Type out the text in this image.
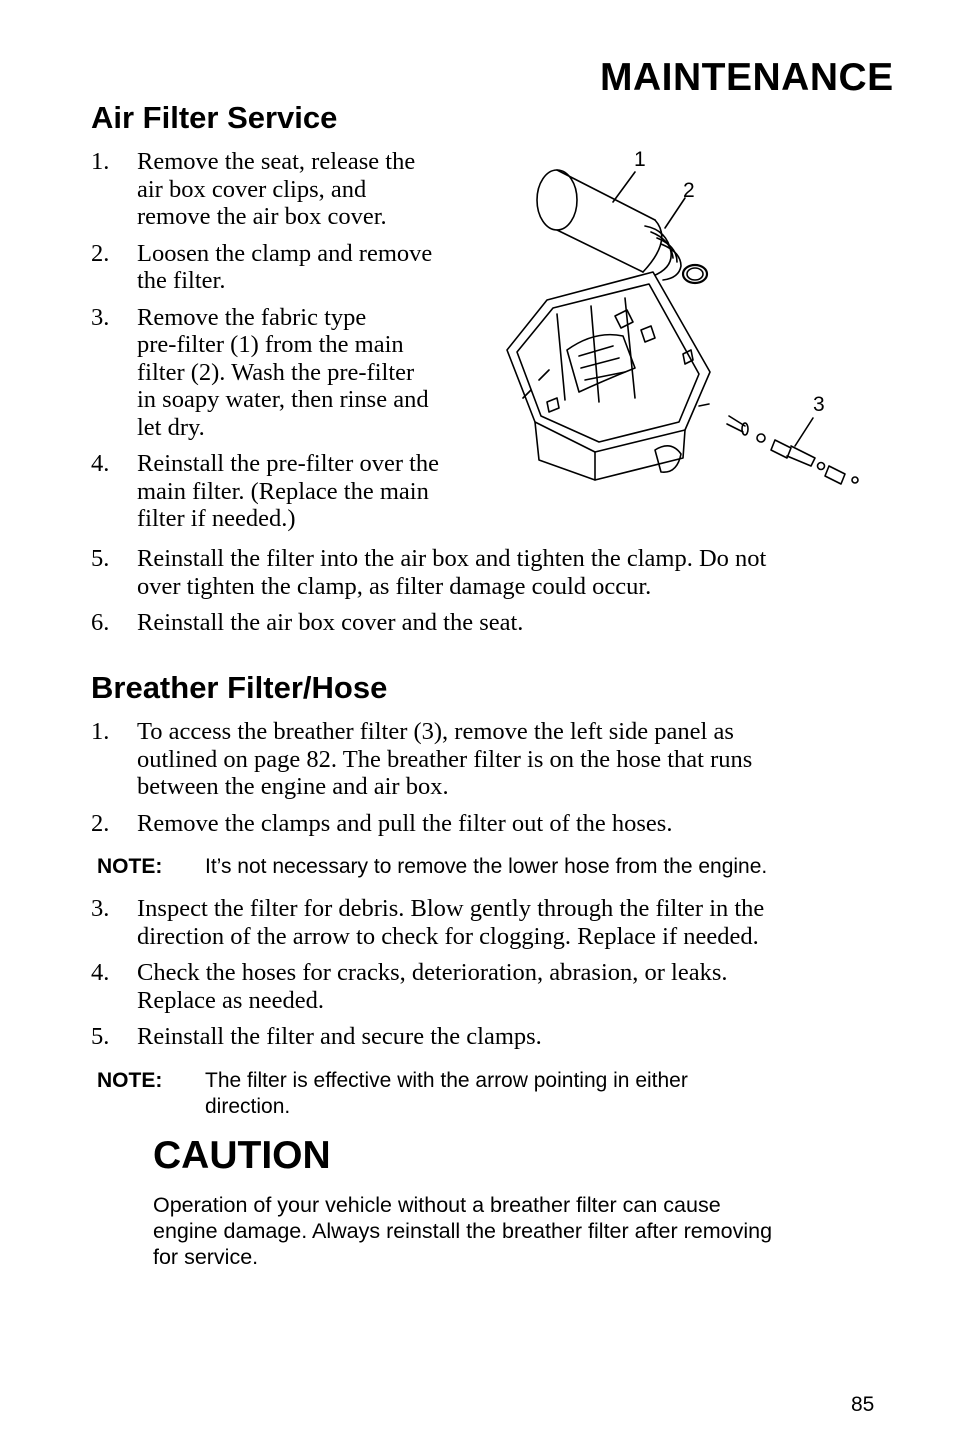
MAINTENANCE
Air Filter Service
1. Remove the seat, release the
air box cover clips, and
remove the air box cover.
2. Loosen the clamp and remove
the filter.
3. Remove the fabric type
pre-filter (1) from the main
filter (2). Wash the pre-filter
in soapy water, then rinse and
let dry.
4. Reinstall the pre-filter over the
main filter. (Replace the main
filter if needed.)
5. Reinstall the filter into the air box and tighten the clamp. Do not
over tighten the clamp, as filter damage could occur.
6. Reinstall the air box cover and the seat.
1
2
3
Breather Filter/Hose
1. To access the breather filter (3), remove the left side panel as
outlined on page 82. The breather filter is on the hose that runs
between the engine and air box.
2. Remove the clamps and pull the filter out of the hoses.
NOTE:	It’s not necessary to remove the lower hose from the engine.
3. Inspect the filter for debris. Blow gently through the filter in the
direction of the arrow to check for clogging. Replace if needed.
4. Check the hoses for cracks, deterioration, abrasion, or leaks.
Replace as needed.
5. Reinstall the filter and secure the clamps.
NOTE:	The filter is effective with the arrow pointing in either
direction.
CAUTION

Operation of your vehicle without a breather filter can cause
engine damage. Always reinstall the breather filter after removing
for service.

85
